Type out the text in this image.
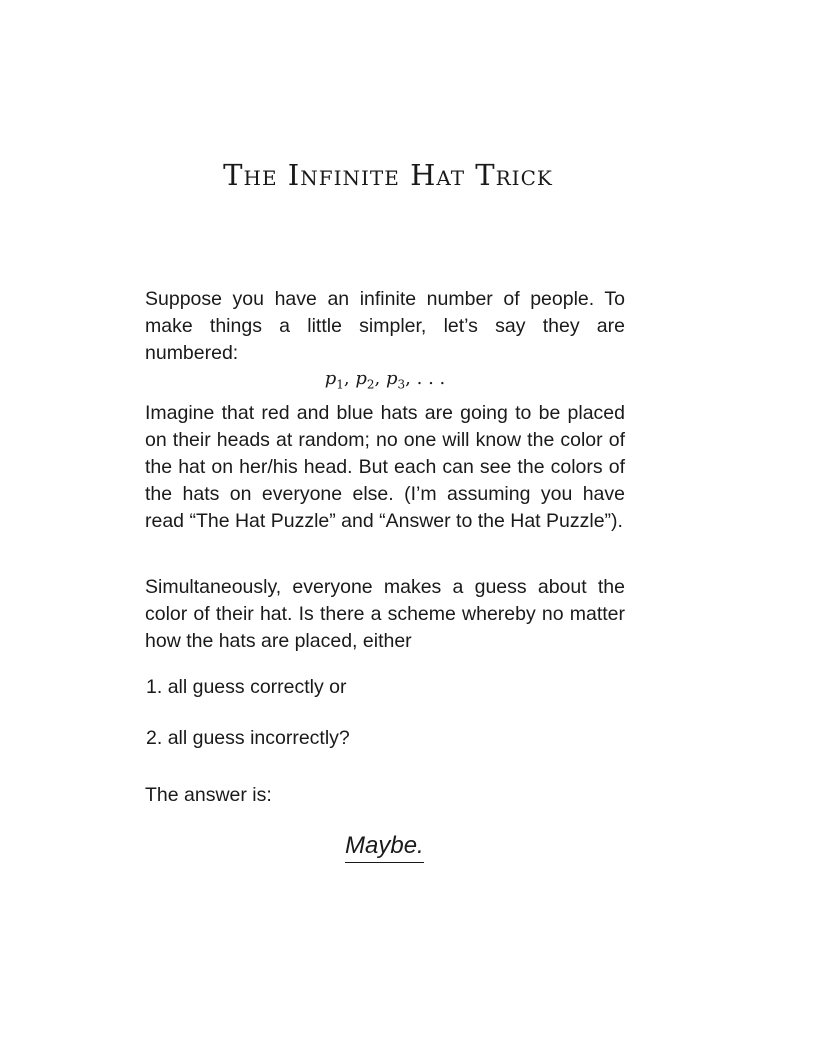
The Infinite Hat Trick

Suppose you have an infinite number of people. To make things a little simpler, let’s say they are numbered:

$p_1$, $p_2$, $p_3$, . . .

Imagine that red and blue hats are going to be placed on their heads at random; no one will know the color of the hat on her/his head. But each can see the colors of the hats on everyone else. (I’m assuming you have read “The Hat Puzzle” and “Answer to the Hat Puzzle”).

Simultaneously, everyone makes a guess about the color of their hat. Is there a scheme whereby no matter how the hats are placed, either

1. all guess correctly or
2. all guess incorrectly?
The answer is:
Maybe.
